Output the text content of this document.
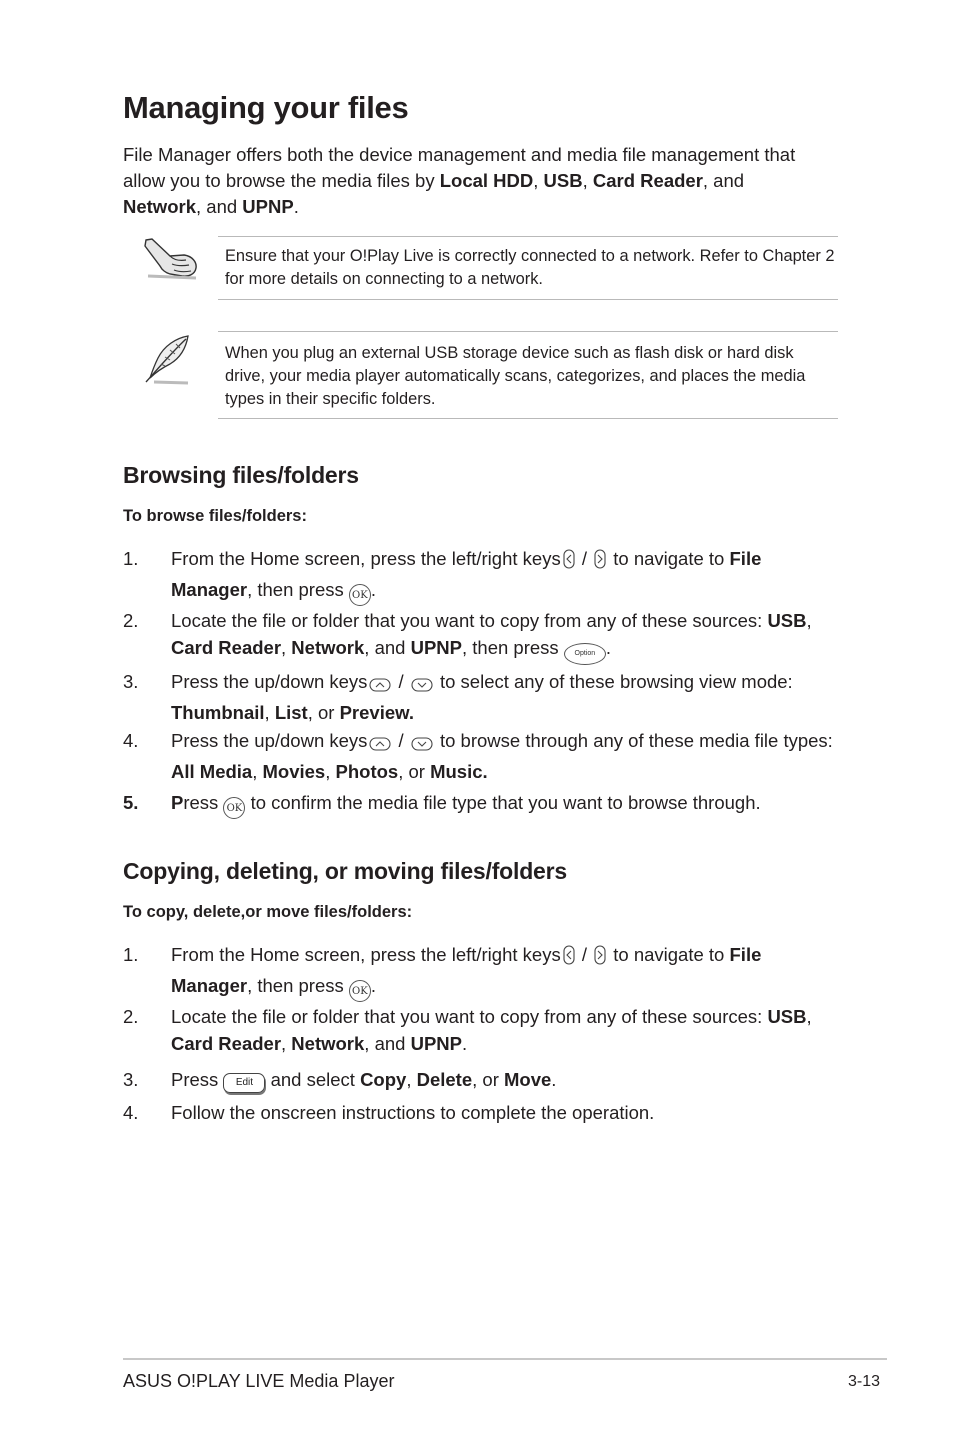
Managing your files

File Manager offers both the device management and media file management that allow you to browse the media files by Local HDD, USB, Card Reader, and Network, and UPNP.

Ensure that your O!Play Live is correctly connected to a network. Refer to Chapter 2 for more details on connecting to a network.
When you plug an external USB storage device such as flash disk or hard disk drive, your media player automatically scans, categorizes, and places the media types in their specific folders.
Browsing files/folders

To browse files/folders:

1.	From the Home screen, press the left/right keys /  to navigate to File Manager, then press OK .
2.	Locate the file or folder that you want to copy from any of these sources: USB, Card Reader, Network, and UPNP, then press Option .
3.	Press the up/down keys /  to select any of these browsing view mode: Thumbnail, List, or Preview.
4.	Press the up/down keys /  to browse through any of these media file types: All Media, Movies, Photos, or Music.
5.	Press OK to confirm the media file type that you want to browse through.
Copying, deleting, or moving files/folders

To copy, delete,or move files/folders:

1.	From the Home screen, press the left/right keys /  to navigate to File Manager, then press OK .
2.	Locate the file or folder that you want to copy from any of these sources: USB, Card Reader, Network, and UPNP.
3.	Press Edit and select Copy, Delete, or Move.
4.	Follow the onscreen instructions to complete the operation.
ASUS O!PLAY LIVE Media Player	3-13
